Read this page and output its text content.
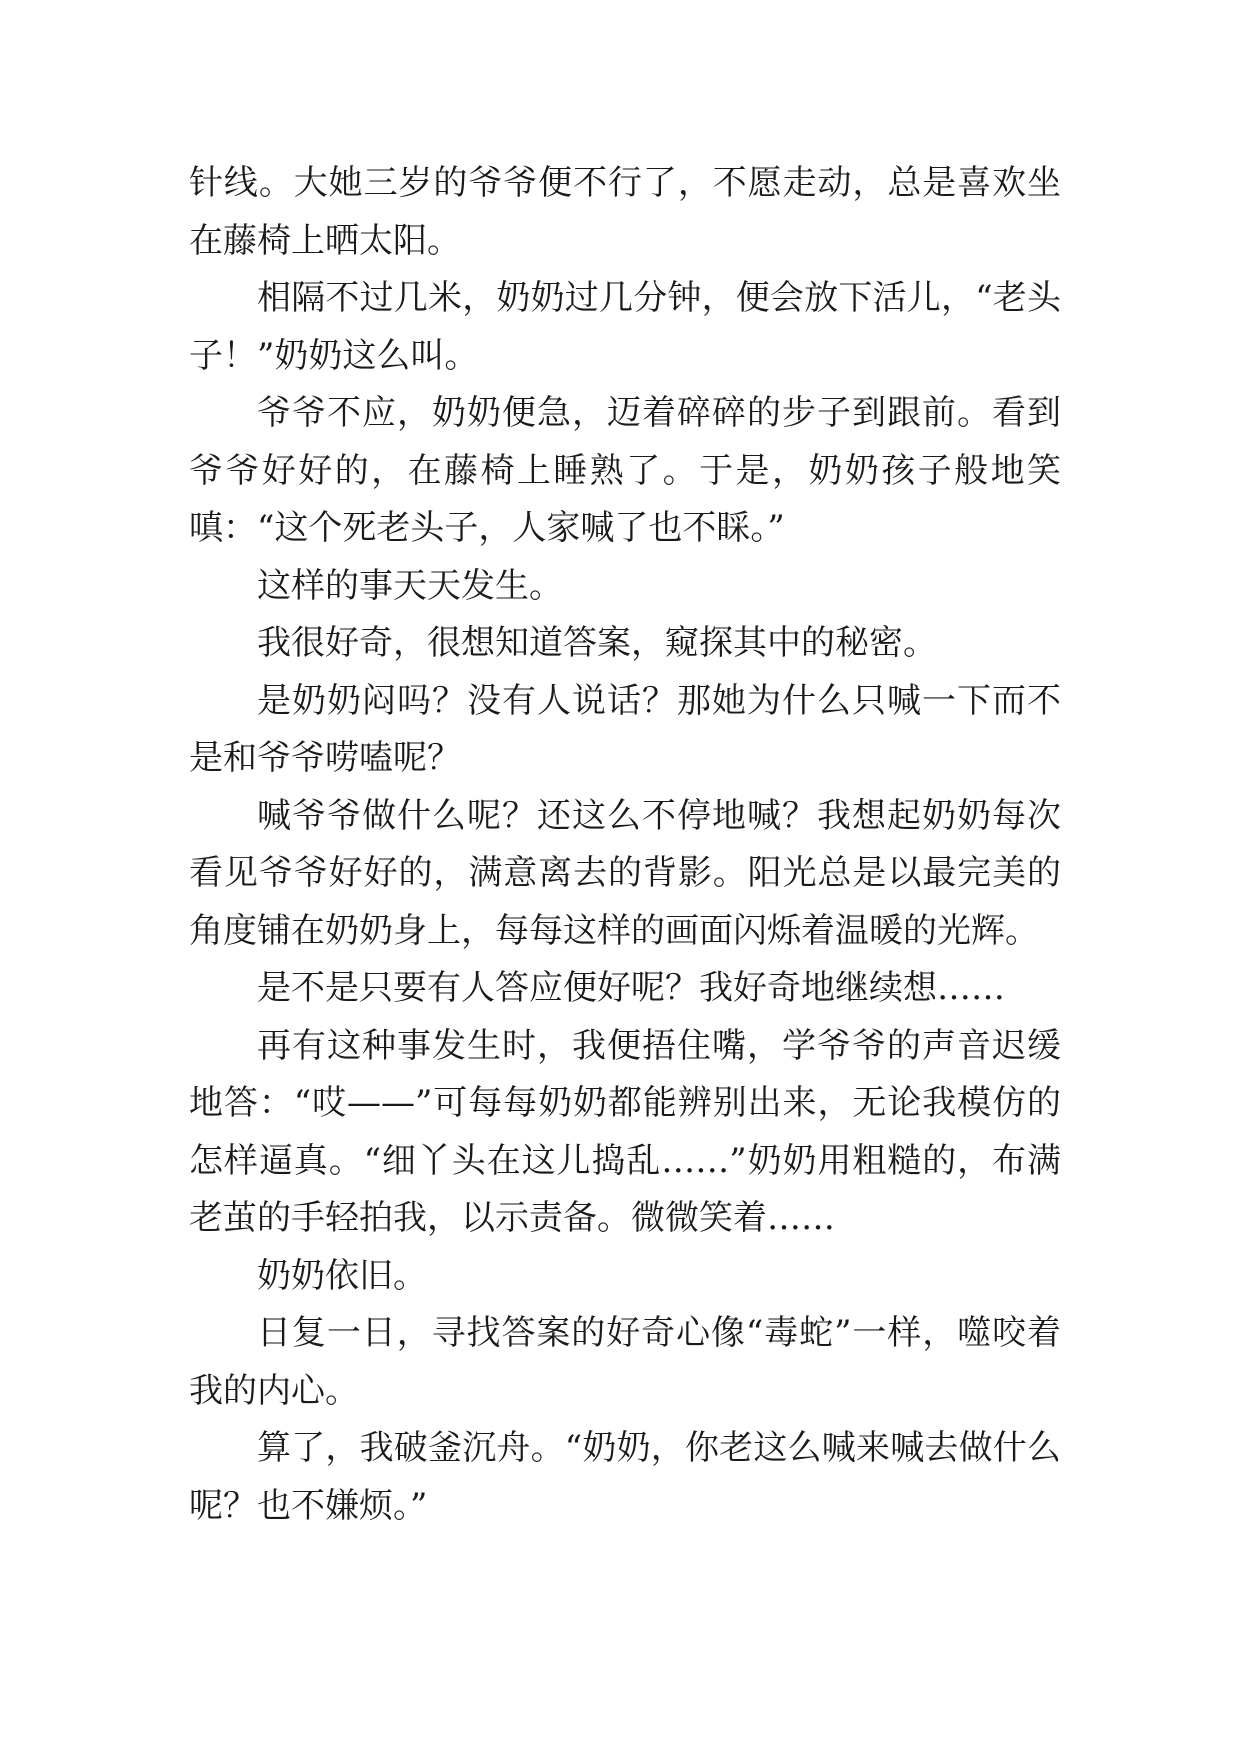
针线。大她三岁的爷爷便不行了，不愿走动，总是喜欢坐在藤椅上晒太阳。

相隔不过几米，奶奶过几分钟，便会放下活儿，“老头子！”奶奶这么叫。

爷爷不应，奶奶便急，迈着碎碎的步子到跟前。看到爷爷好好的，在藤椅上睡熟了。于是，奶奶孩子般地笑嗔：“这个死老头子，人家喊了也不睬。”

这样的事天天发生。

我很好奇，很想知道答案，窥探其中的秘密。

是奶奶闷吗？没有人说话？那她为什么只喊一下而不是和爷爷唠嗑呢？

喊爷爷做什么呢？还这么不停地喊？我想起奶奶每次看见爷爷好好的，满意离去的背影。阳光总是以最完美的角度铺在奶奶身上，每每这样的画面闪烁着温暖的光辉。

是不是只要有人答应便好呢？我好奇地继续想……

再有这种事发生时，我便捂住嘴，学爷爷的声音迟缓地答：“哎——”可每每奶奶都能辨别出来，无论我模仿的怎样逼真。“细丫头在这儿捣乱……”奶奶用粗糙的，布满老茧的手轻拍我，以示责备。微微笑着……

奶奶依旧。

日复一日，寻找答案的好奇心像“毒蛇”一样，噬咬着我的内心。

算了，我破釜沉舟。“奶奶，你老这么喊来喊去做什么呢？也不嫌烦。”
